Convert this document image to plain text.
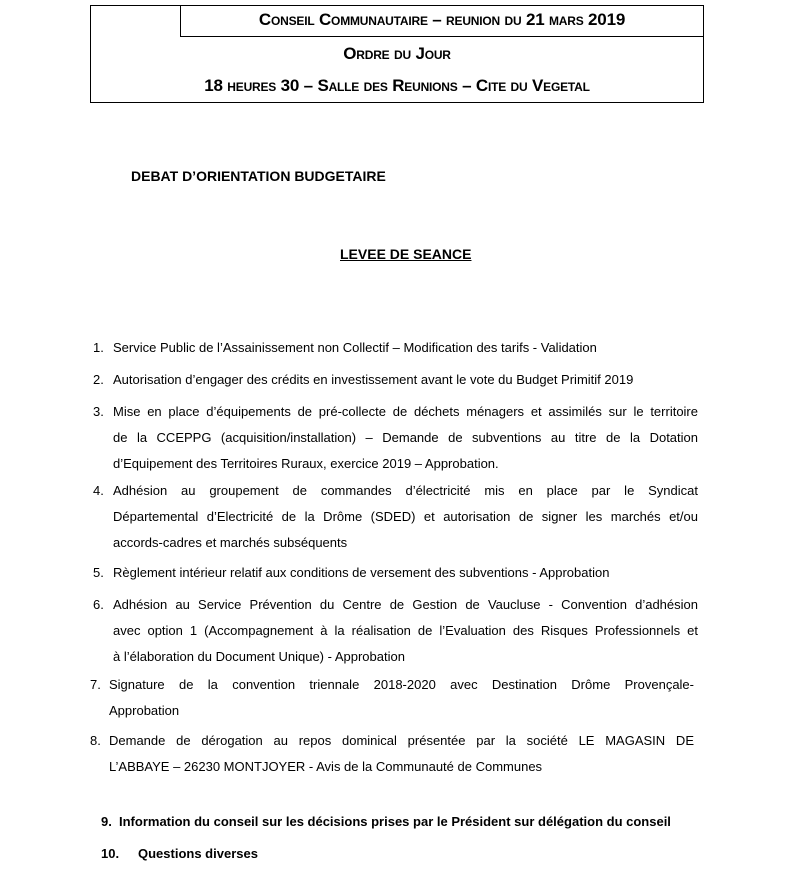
Conseil Communautaire – reunion du 21 mars 2019
Ordre du Jour
18 heures 30 – Salle des Reunions – Cite du Vegetal
DEBAT D’ORIENTATION BUDGETAIRE
LEVEE DE SEANCE
1. Service Public de l’Assainissement non Collectif – Modification des tarifs - Validation
2. Autorisation d’engager des crédits en investissement avant le vote du Budget Primitif 2019
3. Mise en place d’équipements de pré-collecte de déchets ménagers et assimilés sur le territoire
de la CCEPPG (acquisition/installation) – Demande de subventions au titre de la Dotation
d’Equipement des Territoires Ruraux, exercice 2019 – Approbation.
4. Adhésion au groupement de commandes d’électricité mis en place par le Syndicat
Départemental d’Electricité de la Drôme (SDED) et autorisation de signer les marchés et/ou
accords-cadres et marchés subséquents
5. Règlement intérieur relatif aux conditions de versement des subventions - Approbation
6. Adhésion au Service Prévention du Centre de Gestion de Vaucluse - Convention d’adhésion
avec option 1 (Accompagnement à la réalisation de l’Evaluation des Risques Professionnels et
à l’élaboration du Document Unique) - Approbation
7. Signature de la convention triennale 2018-2020 avec Destination Drôme Provençale-
Approbation
8. Demande de dérogation au repos dominical présentée par la société LE MAGASIN DE
L’ABBAYE – 26230 MONTJOYER - Avis de la Communauté de Communes
9. Information du conseil sur les décisions prises par le Président sur délégation du conseil
10. Questions diverses
